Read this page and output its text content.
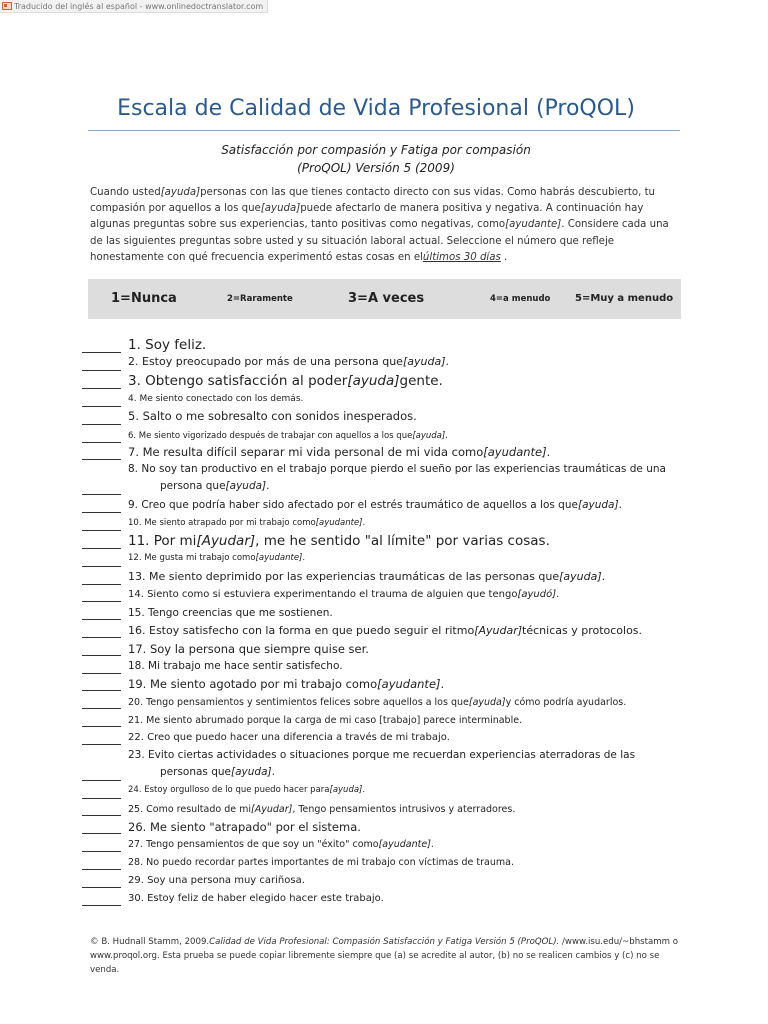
Traducido del inglés al español - www.onlinedoctranslator.com
Escala de Calidad de Vida Profesional (ProQOL)
Satisfacción por compasión y Fatiga por compasión
(ProQOL) Versión 5 (2009)
Cuando usted[ayuda]personas con las que tienes contacto directo con sus vidas. Como habrás descubierto, tu compasión por aquellos a los que[ayuda]puede afectarlo de manera positiva y negativa. A continuación hay algunas preguntas sobre sus experiencias, tanto positivas como negativas, como[ayudante]. Considere cada una de las siguientes preguntas sobre usted y su situación laboral actual. Seleccione el número que refleje honestamente con qué frecuencia experimentó estas cosas en elúltimos 30 días .
1=Nunca	2=Raramente	3=A veces	4=a menudo 5=Muy a menudo
1. Soy feliz.
2. Estoy preocupado por más de una persona que[ayuda].
3. Obtengo satisfacción al poder[ayuda]gente.
4. Me siento conectado con los demás.
5. Salto o me sobresalto con sonidos inesperados.
6. Me siento vigorizado después de trabajar con aquellos a los que[ayuda].
7. Me resulta difícil separar mi vida personal de mi vida como[ayudante].
8. No soy tan productivo en el trabajo porque pierdo el sueño por las experiencias traumáticas de una
persona que[ayuda].
9. Creo que podría haber sido afectado por el estrés traumático de aquellos a los que[ayuda].
10. Me siento atrapado por mi trabajo como[ayudante].
11. Por mi[Ayudar], me he sentido "al límite" por varias cosas.
12. Me gusta mi trabajo como[ayudante].
13. Me siento deprimido por las experiencias traumáticas de las personas que[ayuda].
14. Siento como si estuviera experimentando el trauma de alguien que tengo[ayudó].
15. Tengo creencias que me sostienen.
16. Estoy satisfecho con la forma en que puedo seguir el ritmo[Ayudar]técnicas y protocolos.
17. Soy la persona que siempre quise ser.
18. Mi trabajo me hace sentir satisfecho.
19. Me siento agotado por mi trabajo como[ayudante].
20. Tengo pensamientos y sentimientos felices sobre aquellos a los que[ayuda]y cómo podría ayudarlos.
21. Me siento abrumado porque la carga de mi caso [trabajo] parece interminable.
22. Creo que puedo hacer una diferencia a través de mi trabajo.
23. Evito ciertas actividades o situaciones porque me recuerdan experiencias aterradoras de las
personas que[ayuda].
24. Estoy orgulloso de lo que puedo hacer para[ayuda].
25. Como resultado de mi[Ayudar], Tengo pensamientos intrusivos y aterradores.
26. Me siento "atrapado" por el sistema.
27. Tengo pensamientos de que soy un "éxito" como[ayudante].
28. No puedo recordar partes importantes de mi trabajo con víctimas de trauma.
29. Soy una persona muy cariñosa.
30. Estoy feliz de haber elegido hacer este trabajo.
© B. Hudnall Stamm, 2009.Calidad de Vida Profesional: Compasión Satisfacción y Fatiga Versión 5 (ProQOL). /www.isu.edu/~bhstamm o www.proqol.org. Esta prueba se puede copiar libremente siempre que (a) se acredite al autor, (b) no se realicen cambios y (c) no se venda.
